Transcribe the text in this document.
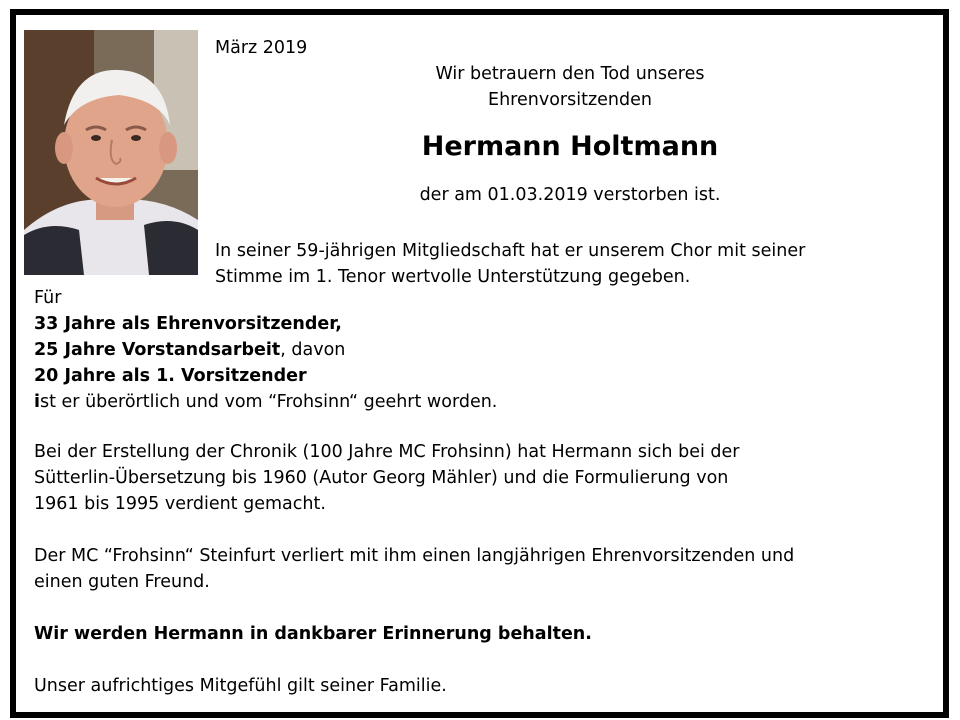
März 2019
Wir betrauern den Tod unseres
Ehrenvorsitzenden
Hermann Holtmann
der am 01.03.2019 verstorben ist.
In seiner 59-jährigen Mitgliedschaft hat er unserem Chor mit seiner
Stimme im 1. Tenor wertvolle Unterstützung gegeben.
Für
33 Jahre als Ehrenvorsitzender,
25 Jahre Vorstandsarbeit, davon
20 Jahre als 1. Vorsitzender
ist er überörtlich und vom “Frohsinn“ geehrt worden.
Bei der Erstellung der Chronik (100 Jahre MC Frohsinn) hat Hermann sich bei der
Sütterlin-Übersetzung bis 1960 (Autor Georg Mähler) und die Formulierung von
1961 bis 1995 verdient gemacht.
Der MC “Frohsinn“ Steinfurt verliert mit ihm einen langjährigen Ehrenvorsitzenden und
einen guten Freund.
Wir werden Hermann in dankbarer Erinnerung behalten.
Unser aufrichtiges Mitgefühl gilt seiner Familie.
